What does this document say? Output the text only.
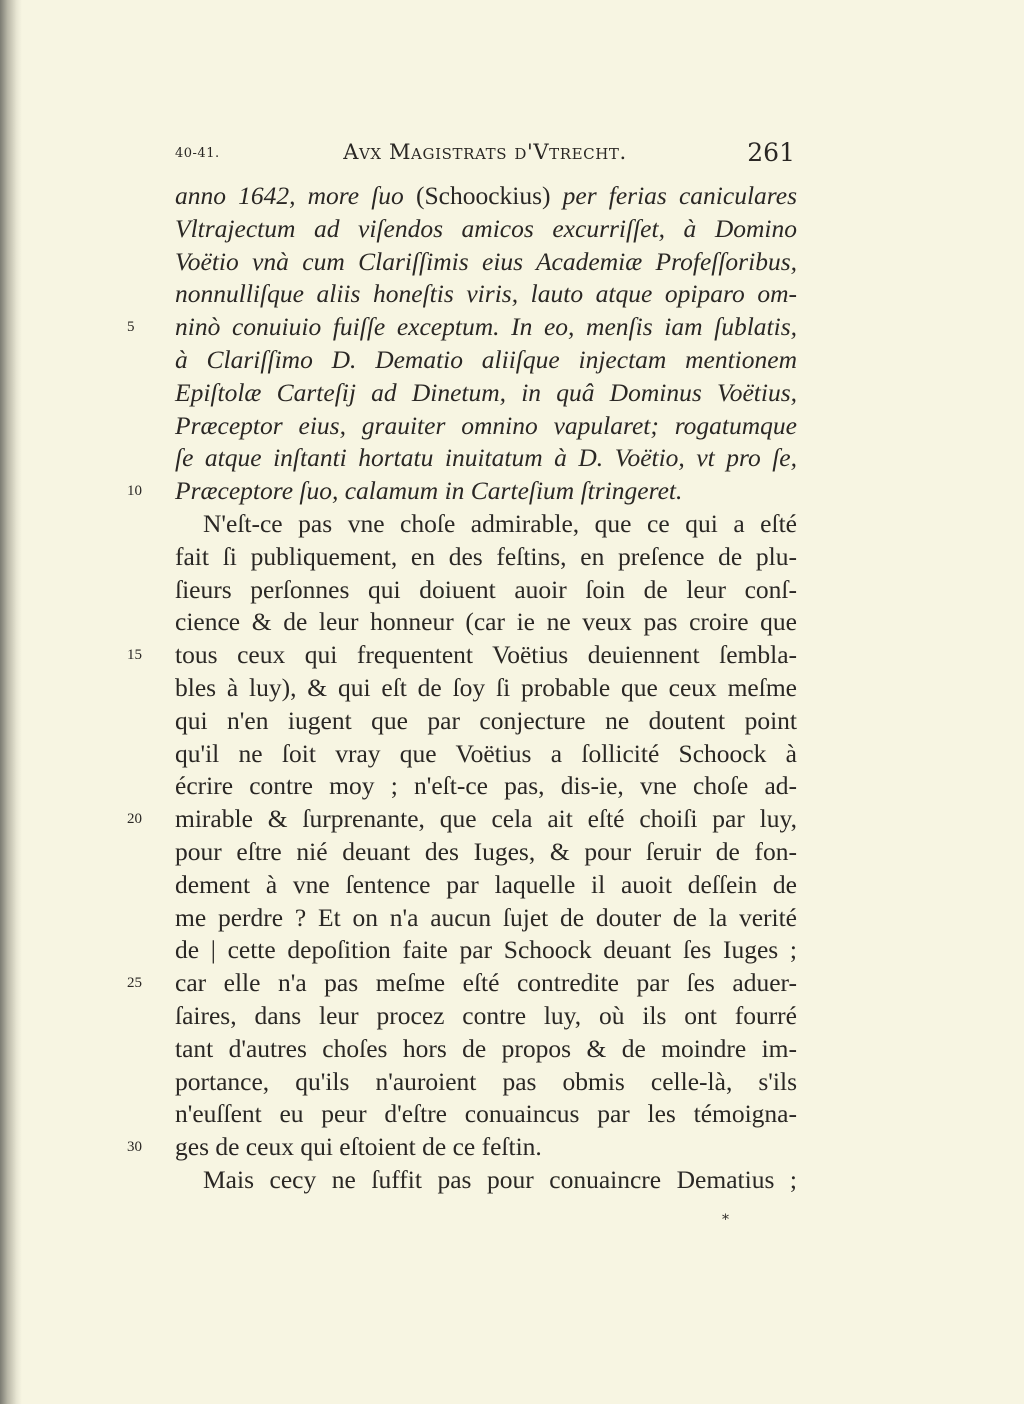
40-41.	Avx Magistrats d'Vtrecht.	261
anno 1642, more ſuo (Schoockius) per ferias caniculares
Vltrajectum ad viſendos amicos excurriſſet, à Domino
Voëtio vnà cum Clariſſimis eius Academiæ Profeſſoribus,
nonnulliſque aliis honeſtis viris, lauto atque opiparo om-
ninò conuiuio fuiſſe exceptum. In eo, menſis iam ſublatis,
5
à Clariſſimo D. Dematio aliiſque injectam mentionem
Epiſtolæ Carteſij ad Dinetum, in quâ Dominus Voëtius,
Præceptor eius, grauiter omnino vapularet; rogatumque
ſe atque inſtanti hortatu inuitatum à D. Voëtio, vt pro ſe,
Præceptore ſuo, calamum in Carteſium ſtringeret.
10
N'eſt-ce pas vne choſe admirable, que ce qui a eſté
fait ſi publiquement, en des feſtins, en preſence de plu-
ſieurs perſonnes qui doiuent auoir ſoin de leur conſ-
cience & de leur honneur (car ie ne veux pas croire que
tous ceux qui frequentent Voëtius deuiennent ſembla-
15
bles à luy), & qui eſt de ſoy ſi probable que ceux meſme
qui n'en iugent que par conjecture ne doutent point
qu'il ne ſoit vray que Voëtius a ſollicité Schoock à
écrire contre moy ; n'eſt-ce pas, dis-ie, vne choſe ad-
mirable & ſurprenante, que cela ait eſté choiſi par luy,
20
pour eſtre nié deuant des Iuges, & pour ſeruir de fon-
dement à vne ſentence par laquelle il auoit deſſein de
me perdre ? Et on n'a aucun ſujet de douter de la verité
de | cette depoſition faite par Schoock deuant ſes Iuges ;
car elle n'a pas meſme eſté contredite par ſes aduer-
25
ſaires, dans leur procez contre luy, où ils ont fourré
tant d'autres choſes hors de propos & de moindre im-
portance, qu'ils n'auroient pas obmis celle-là, s'ils
n'euſſent eu peur d'eſtre conuaincus par les témoigna-
ges de ceux qui eſtoient de ce feſtin.
30
Mais cecy ne ſuffit pas pour conuaincre Dematius ;
*
